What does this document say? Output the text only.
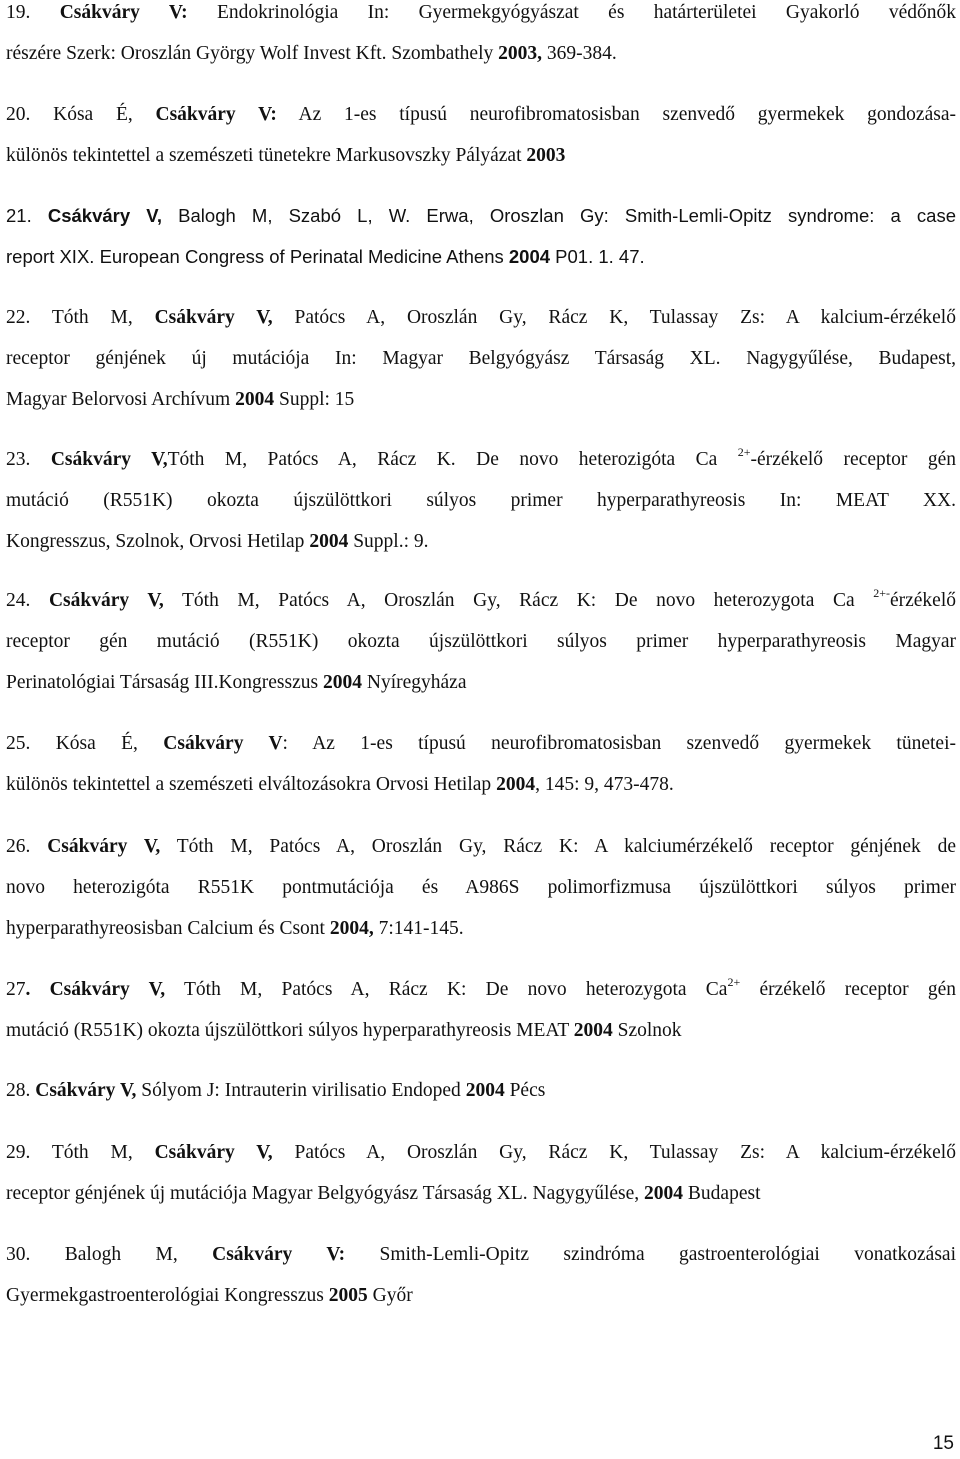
19. Csákváry V: Endokrinológia In: Gyermekgyógyászat és határterületei Gyakorló védőnők
részére Szerk: Oroszlán György Wolf Invest Kft. Szombathely 2003, 369-384.
20. Kósa É, Csákváry V: Az 1-es típusú neurofibromatosisban szenvedő gyermekek gondozása-
különös tekintettel a szemészeti tünetekre Markusovszky Pályázat 2003
21. Csákváry V, Balogh M, Szabó L, W. Erwa, Oroszlan Gy: Smith-Lemli-Opitz syndrome: a case
report XIX. European Congress of Perinatal Medicine Athens 2004 P01. 1. 47.
22. Tóth M, Csákváry V, Patócs A, Oroszlán Gy, Rácz K, Tulassay Zs: A kalcium-érzékelő
receptor génjének új mutációja In: Magyar Belgyógyász Társaság XL. Nagygyűlése, Budapest,
Magyar Belorvosi Archívum 2004 Suppl: 15
23. Csákváry V,Tóth M, Patócs A, Rácz K. De novo heterozigóta Ca $^{2+}$-érzékelő receptor gén
mutáció (R551K) okozta újszülöttkori súlyos primer hyperparathyreosis In: MEAT XX.
Kongresszus, Szolnok, Orvosi Hetilap 2004 Suppl.: 9.
24. Csákváry V, Tóth M, Patócs A, Oroszlán Gy, Rácz K: De novo heterozygota Ca $^{2+-}$érzékelő
receptor gén mutáció (R551K) okozta újszülöttkori súlyos primer hyperparathyreosis Magyar
Perinatológiai Társaság III.Kongresszus 2004 Nyíregyháza
25. Kósa É, Csákváry V: Az 1-es típusú neurofibromatosisban szenvedő gyermekek tünetei-
különös tekintettel a szemészeti elváltozásokra Orvosi Hetilap 2004, 145: 9, 473-478.
26. Csákváry V, Tóth M, Patócs A, Oroszlán Gy, Rácz K: A kalciumérzékelő receptor génjének de
novo heterozigóta R551K pontmutációja és A986S polimorfizmusa újszülöttkori súlyos primer
hyperparathyreosisban Calcium és Csont 2004, 7:141-145.
27. Csákváry V, Tóth M, Patócs A, Rácz K: De novo heterozygota $Ca^{2+}$ érzékelő receptor gén
mutáció (R551K) okozta újszülöttkori súlyos hyperparathyreosis MEAT 2004 Szolnok
28. Csákváry V, Sólyom J: Intrauterin virilisatio Endoped 2004 Pécs
29. Tóth M, Csákváry V, Patócs A, Oroszlán Gy, Rácz K, Tulassay Zs: A kalcium-érzékelő
receptor génjének új mutációja Magyar Belgyógyász Társaság XL. Nagygyűlése, 2004 Budapest
30. Balogh M, Csákváry V: Smith-Lemli-Opitz szindróma gastroenterológiai vonatkozásai
Gyermekgastroenterológiai Kongresszus 2005 Győr
15
